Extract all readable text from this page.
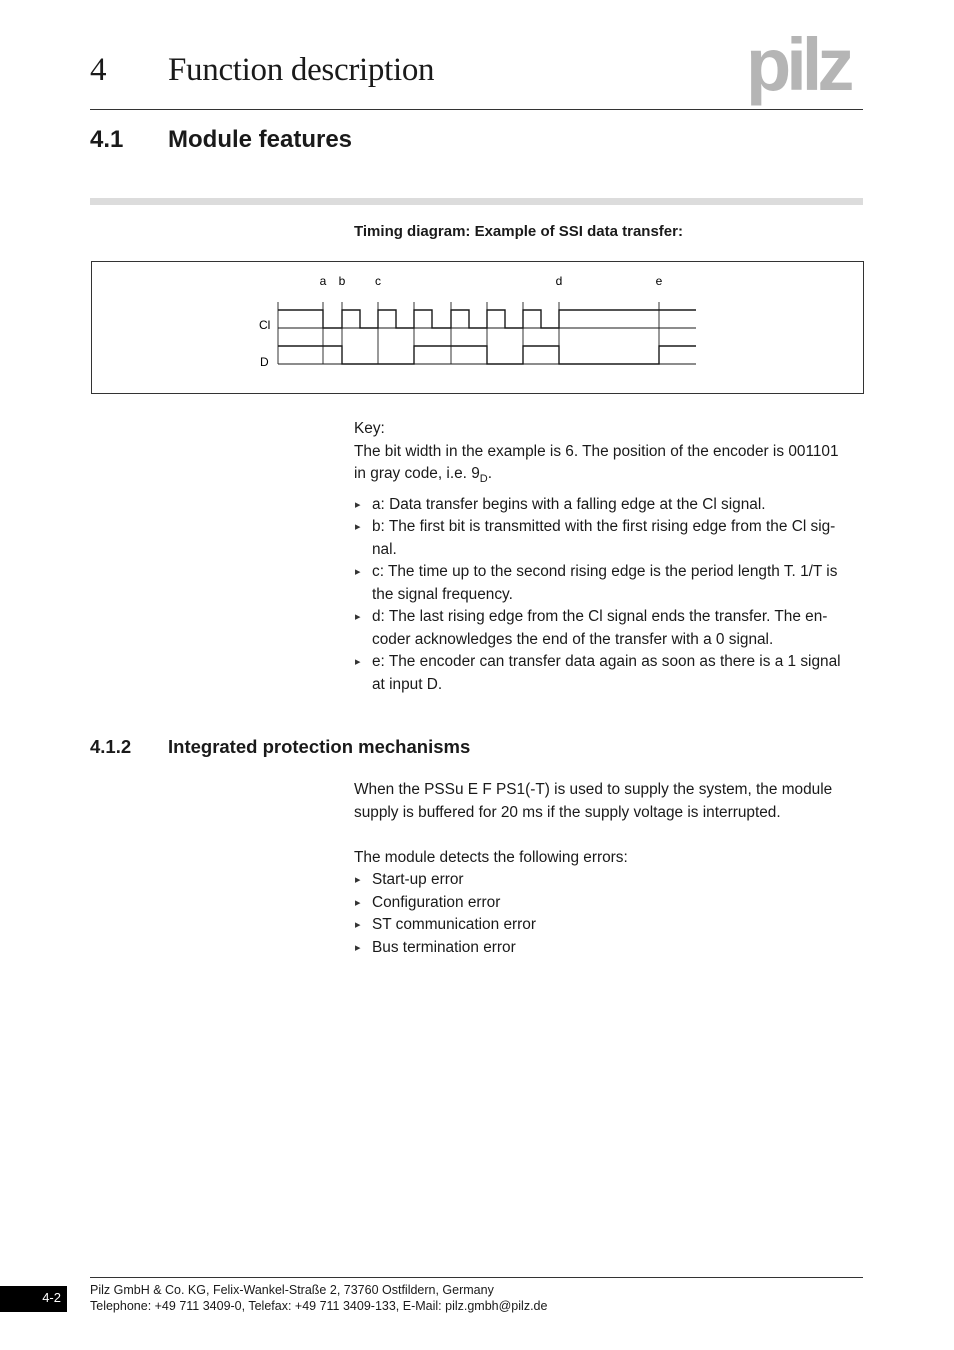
4 Function description	pilz
4.1 Module features
Timing diagram: Example of SSI data transfer:
a b c	d	e
Cl
D
Key:
The bit width in the example is 6. The position of the encoder is 001101
in gray code, i.e. $9_D$.
▸ a: Data transfer begins with a falling edge at the Cl signal.
▸ b: The first bit is transmitted with the first rising edge from the Cl sig-
nal.
▸ c: The time up to the second rising edge is the period length T. 1/T is
the signal frequency.
▸ d: The last rising edge from the Cl signal ends the transfer. The en-
coder acknowledges the end of the transfer with a 0 signal.
▸ e: The encoder can transfer data again as soon as there is a 1 signal
at input D.
4.1.2 Integrated protection mechanisms
When the PSSu E F PS1(-T) is used to supply the system, the module
supply is buffered for 20 ms if the supply voltage is interrupted.
The module detects the following errors:
▸ Start-up error
▸ Configuration error
▸ ST communication error
▸ Bus termination error
4-2	Pilz GmbH & Co. KG, Felix-Wankel-Straße 2, 73760 Ostfildern, Germany
Telephone: +49 711 3409-0, Telefax: +49 711 3409-133, E-Mail: pilz.gmbh@pilz.de
